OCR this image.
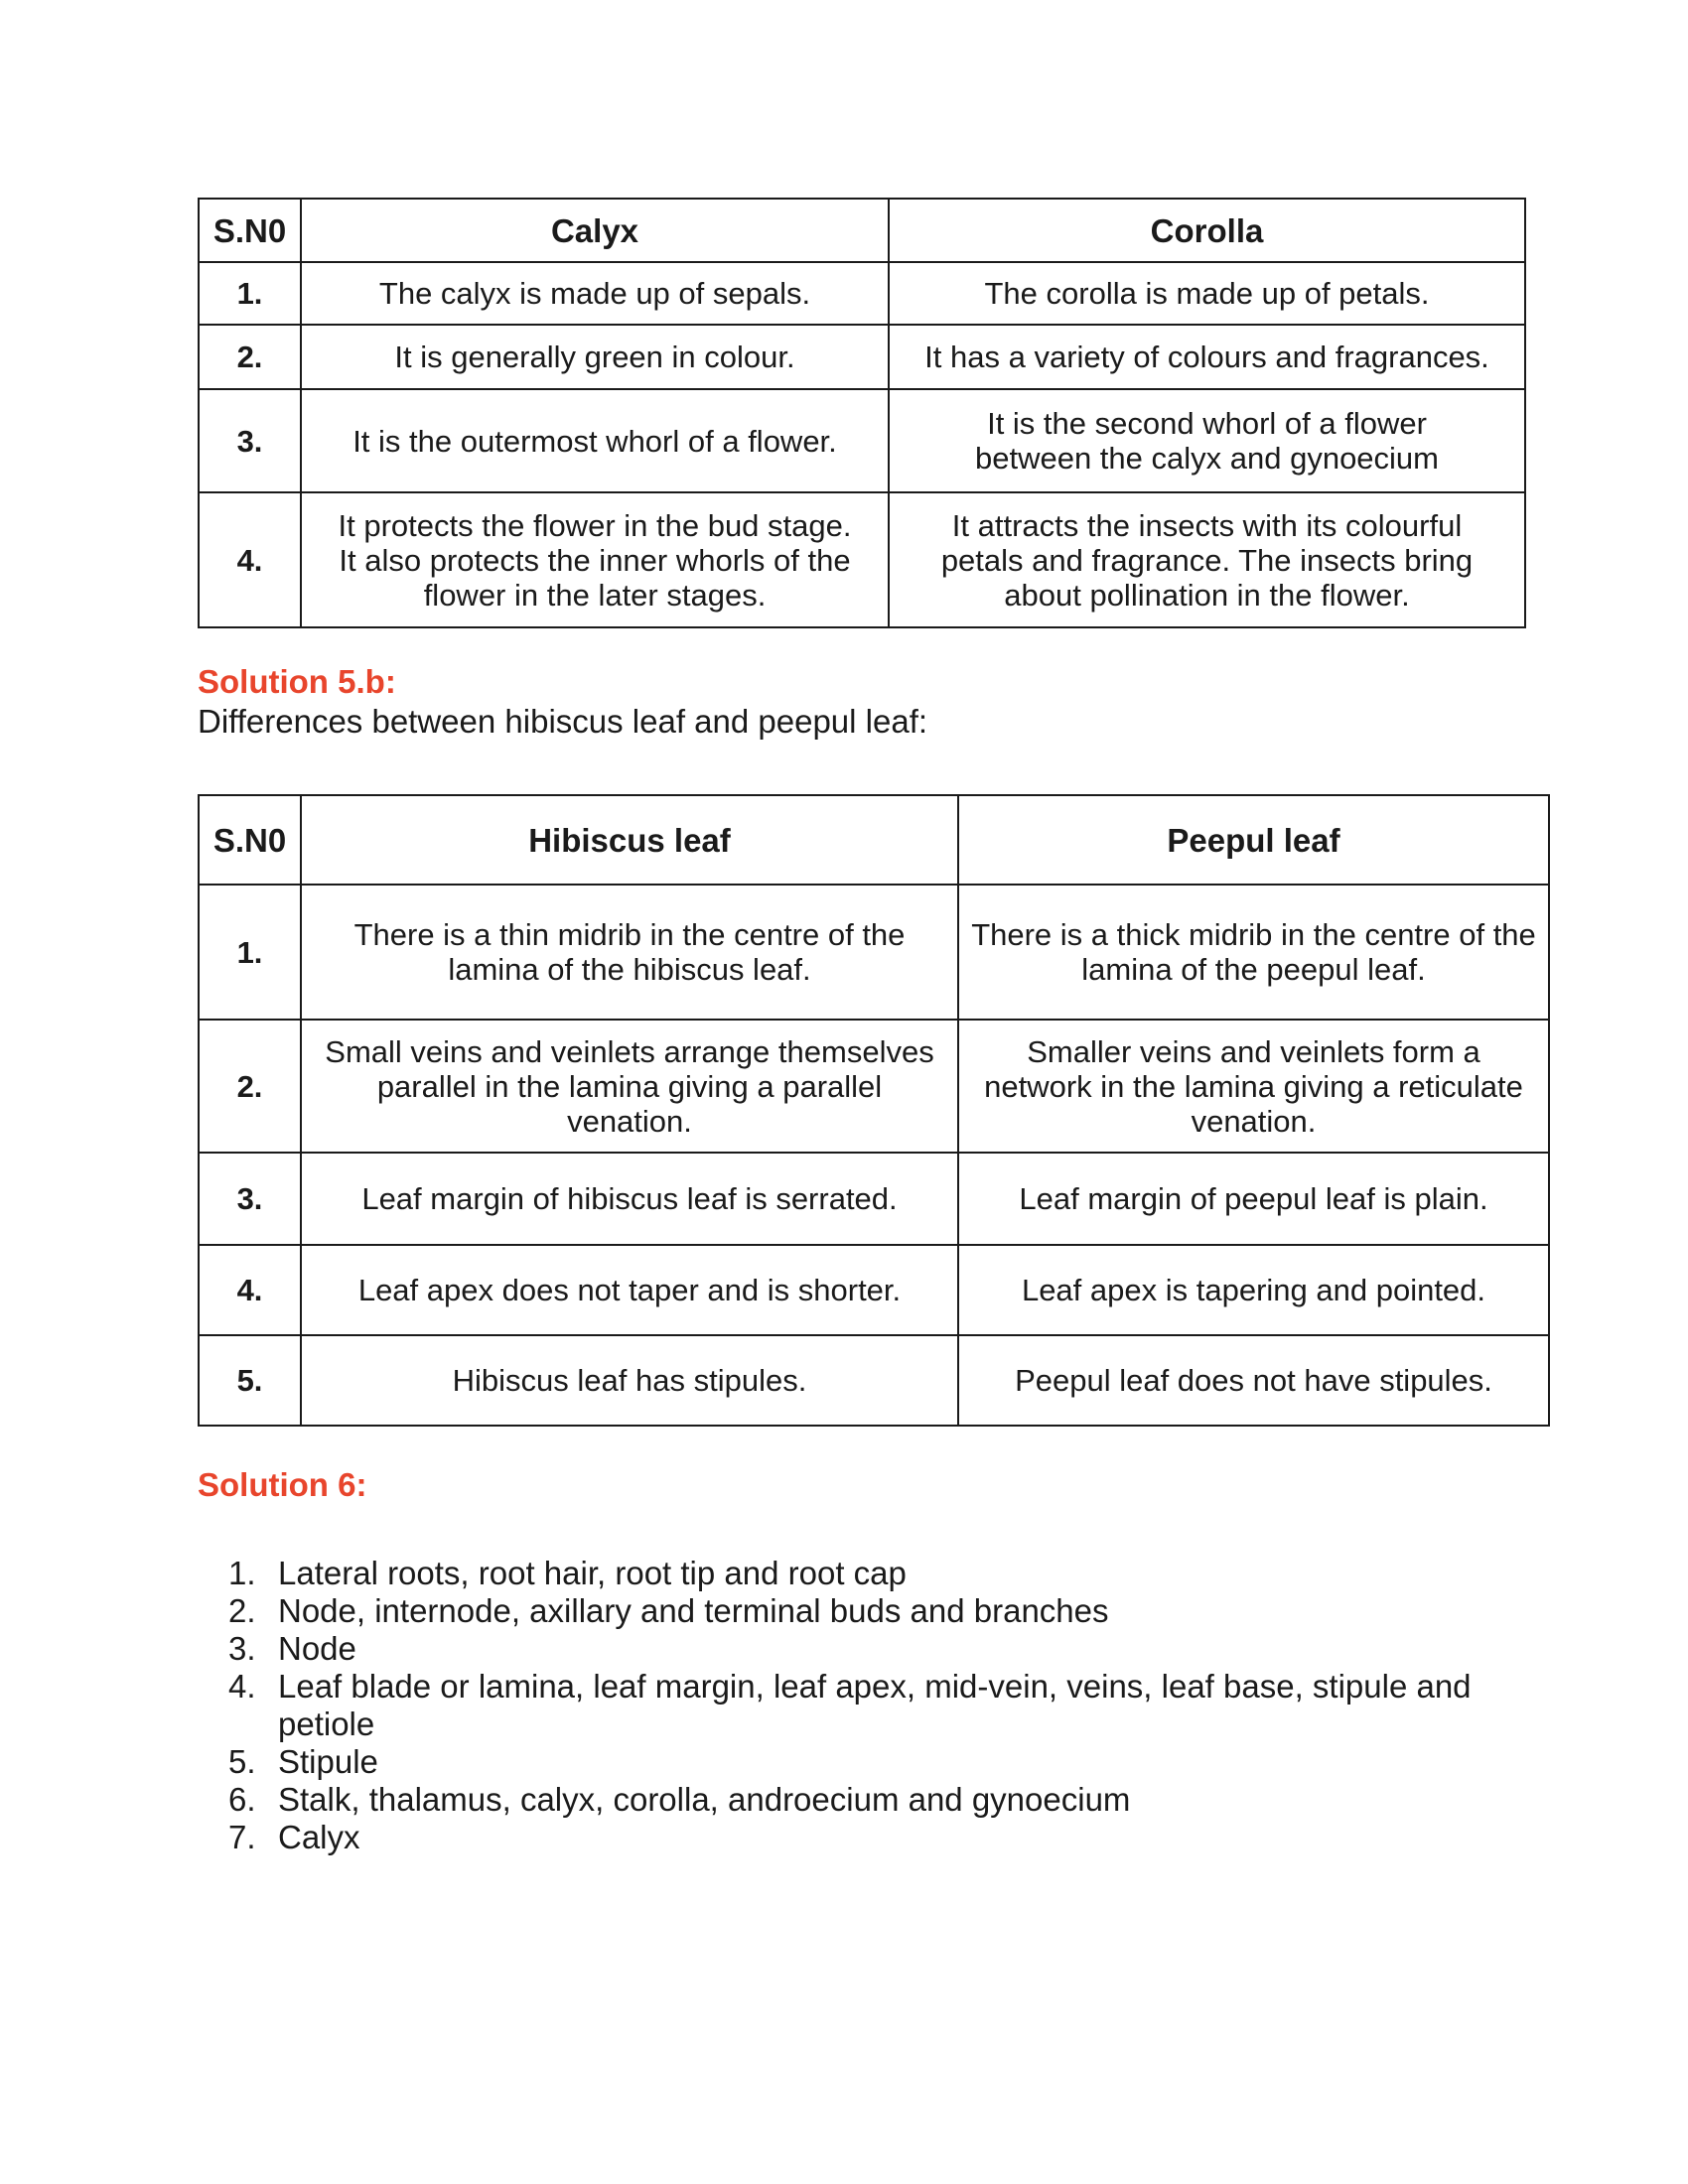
S.N0	Calyx	Corolla
1.	The calyx is made up of sepals.	The corolla is made up of petals.
2.	It is generally green in colour.	It has a variety of colours and fragrances.
3.	It is the outermost whorl of a flower.	It is the second whorl of a flower between the calyx and gynoecium
4.	It protects the flower in the bud stage. It also protects the inner whorls of the flower in the later stages.	It attracts the insects with its colourful petals and fragrance. The insects bring about pollination in the flower.
Solution 5.b:

Differences between hibiscus leaf and peepul leaf:

S.N0	Hibiscus leaf	Peepul leaf
1.	There is a thin midrib in the centre of the lamina of the hibiscus leaf.	There is a thick midrib in the centre of the lamina of the peepul leaf.
2.	Small veins and veinlets arrange themselves parallel in the lamina giving a parallel venation.	Smaller veins and veinlets form a network in the lamina giving a reticulate venation.
3.	Leaf margin of hibiscus leaf is serrated.	Leaf margin of peepul leaf is plain.
4.	Leaf apex does not taper and is shorter.	Leaf apex is tapering and pointed.
5.	Hibiscus leaf has stipules.	Peepul leaf does not have stipules.
Solution 6:
1. Lateral roots, root hair, root tip and root cap
2. Node, internode, axillary and terminal buds and branches
3. Node
4. Leaf blade or lamina, leaf margin, leaf apex, mid-vein, veins, leaf base, stipule and petiole
5. Stipule
6. Stalk, thalamus, calyx, corolla, androecium and gynoecium
7. Calyx
